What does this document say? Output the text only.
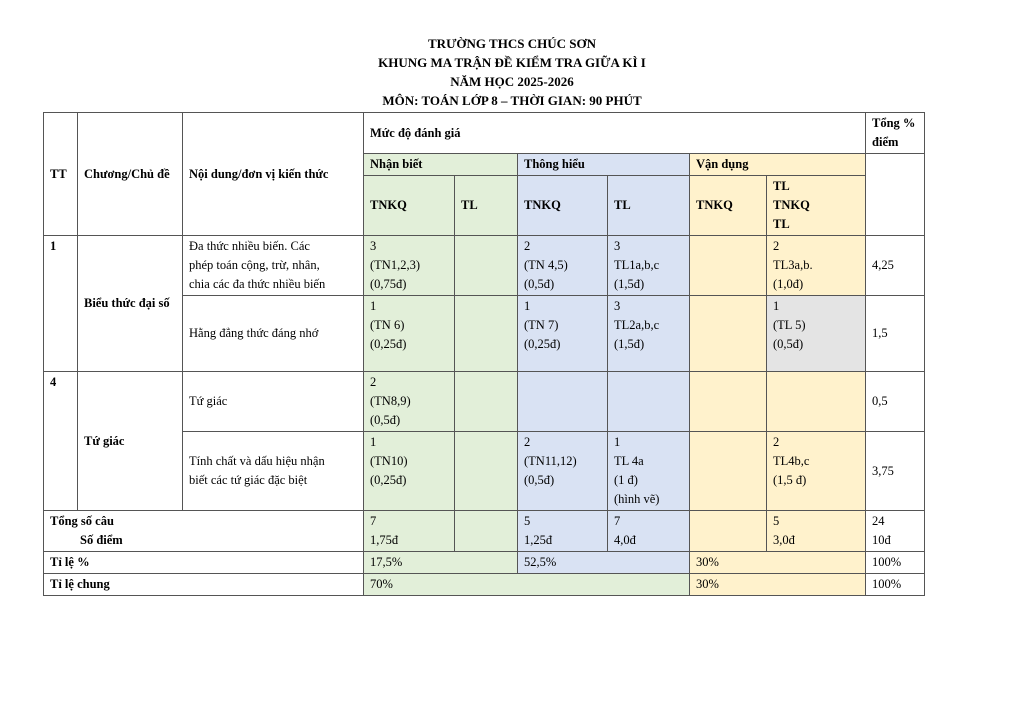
TRƯỜNG THCS CHÚC SƠN
KHUNG MA TRẬN ĐỀ KIỂM TRA GIỮA KÌ I
NĂM HỌC 2025-2026
MÔN: TOÁN LỚP 8 – THỜI GIAN: 90 PHÚT
TT	Chương/Chủ đề	Nội dung/đơn vị kiến thức	Mức độ đánh giá						Tổng % điểm
			Nhận biết		Thông hiểu		Vận dụng		
			TNKQ	TL	TNKQ	TL	TNKQ	TL
TNKQ
TL	

1	Biểu thức đại số	Đa thức nhiều biến. Các
phép toán cộng, trừ, nhân,
chia các đa thức nhiều biến	3
(TN1,2,3)
(0,75đ)		2
(TN 4,5)
(0,5đ)	3
TL1a,b,c
(1,5đ)		2
TL3a,b.
(1,0đ)	4,25

		Hằng đẳng thức đáng nhớ	1
(TN 6)
(0,25đ)		1
(TN 7)
(0,25đ)	3
TL2a,b,c
(1,5đ)		1
(TL 5)
(0,5đ)	1,5
4	Tứ giác	Tứ giác	2
(TN8,9)
(0,5đ)						0,5

		Tính chất và dấu hiệu nhận
biết các tứ giác đặc biệt	1
(TN10)
(0,25đ)		2
(TN11,12)
(0,5đ)	1
TL 4a
(1 đ)
(hình vẽ)		2
TL4b,c
(1,5 đ)	3,75

Tổng số câu
Số điểm			7
1,75đ		5
1,25đ	7
4,0đ		5
3,0đ	24
10đ

Tỉ lệ %			17,5%		52,5%		30%		100%
Tỉ lệ chung			70%				30%		100%
